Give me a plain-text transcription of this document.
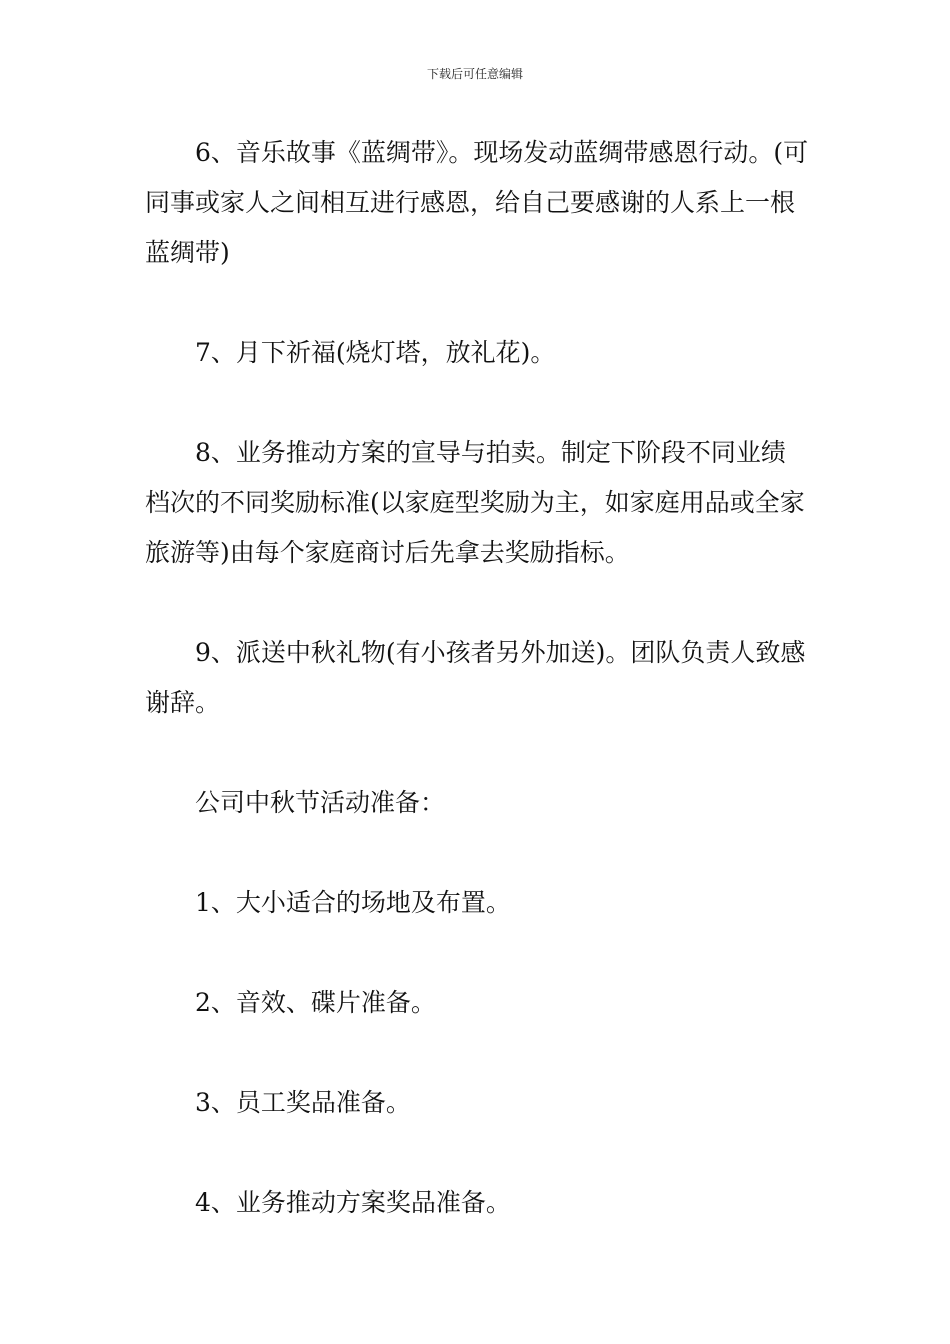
下载后可任意编辑

6、音乐故事《蓝绸带》。现场发动蓝绸带感恩行动。(可同事或家人之间相互进行感恩，给自己要感谢的人系上一根蓝绸带)

7、月下祈福(烧灯塔，放礼花)。

8、业务推动方案的宣导与拍卖。制定下阶段不同业绩档次的不同奖励标准(以家庭型奖励为主，如家庭用品或全家旅游等)由每个家庭商讨后先拿去奖励指标。

9、派送中秋礼物(有小孩者另外加送)。团队负责人致感谢辞。

公司中秋节活动准备：

1、大小适合的场地及布置。

2、音效、碟片准备。

3、员工奖品准备。

4、业务推动方案奖品准备。
